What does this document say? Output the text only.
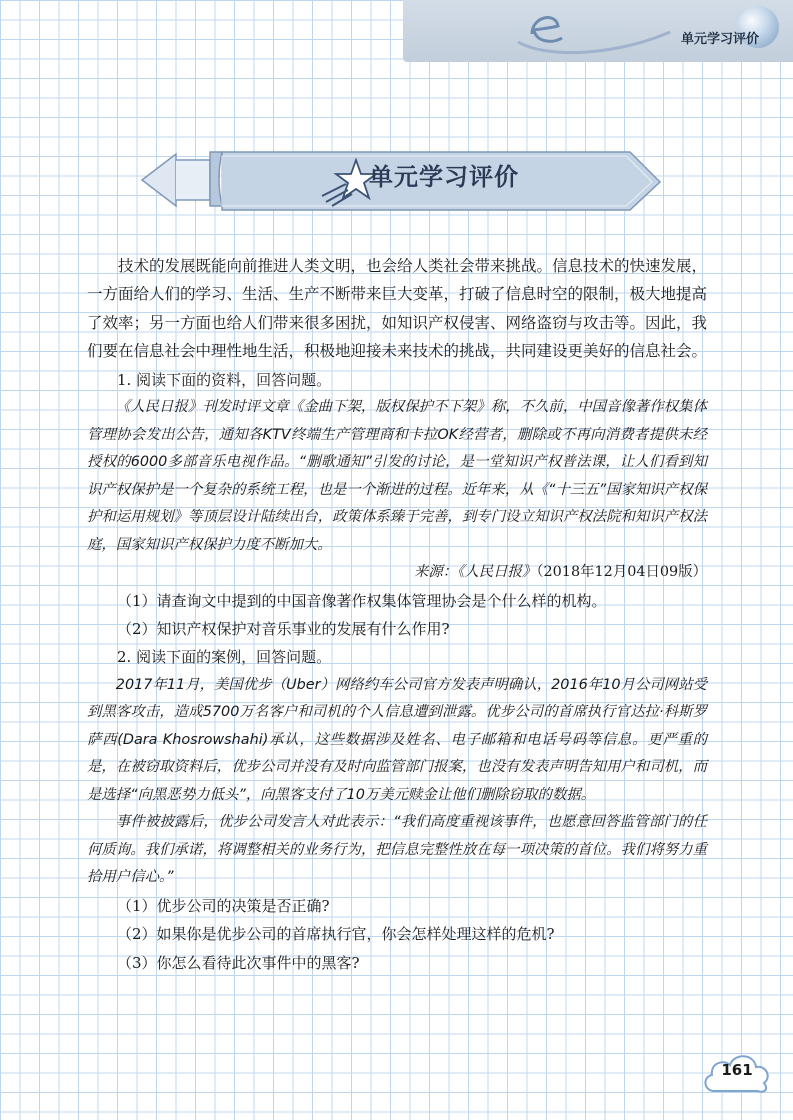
单元学习评价
单元学习评价

技术的发展既能向前推进人类文明，也会给人类社会带来挑战。信息技术的快速发展，一方面给人们的学习、生活、生产不断带来巨大变革，打破了信息时空的限制，极大地提高了效率；另一方面也给人们带来很多困扰，如知识产权侵害、网络盗窃与攻击等。因此，我们要在信息社会中理性地生活，积极地迎接未来技术的挑战，共同建设更美好的信息社会。

1. 阅读下面的资料，回答问题。

《人民日报》刊发时评文章《金曲下架，版权保护不下架》称，不久前，中国音像著作权集体管理协会发出公告，通知各KTV终端生产管理商和卡拉OK经营者，删除或不再向消费者提供未经授权的6000多部音乐电视作品。“删歌通知”引发的讨论，是一堂知识产权普法课，让人们看到知识产权保护是一个复杂的系统工程，也是一个渐进的过程。近年来，从《“十三五”国家知识产权保护和运用规划》等顶层设计陆续出台，政策体系臻于完善，到专门设立知识产权法院和知识产权法庭，国家知识产权保护力度不断加大。

来源：《人民日报》（2018年12月04日09版）

（1）请查询文中提到的中国音像著作权集体管理协会是个什么样的机构。

（2）知识产权保护对音乐事业的发展有什么作用?

2. 阅读下面的案例，回答问题。

2017年11月，美国优步（Uber）网络约车公司官方发表声明确认，2016年10月公司网站受到黑客攻击，造成5700万名客户和司机的个人信息遭到泄露。优步公司的首席执行官达拉·科斯罗萨西(Dara Khosrowshahi)承认，这些数据涉及姓名、电子邮箱和电话号码等信息。更严重的是，在被窃取资料后，优步公司并没有及时向监管部门报案，也没有发表声明告知用户和司机，而是选择“向黑恶势力低头”，向黑客支付了10万美元赎金让他们删除窃取的数据。

事件被披露后，优步公司发言人对此表示：“我们高度重视该事件，也愿意回答监管部门的任何质询。我们承诺，将调整相关的业务行为，把信息完整性放在每一项决策的首位。我们将努力重拾用户信心。”

（1）优步公司的决策是否正确?

（2）如果你是优步公司的首席执行官，你会怎样处理这样的危机?

（3）你怎么看待此次事件中的黑客?

161
